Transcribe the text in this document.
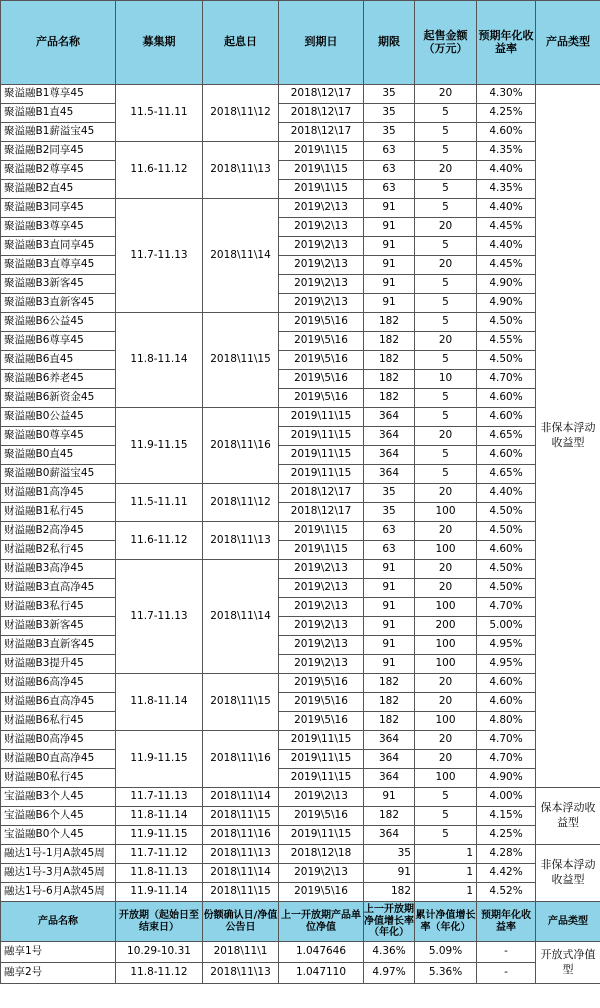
产品名称	募集期	起息日	到期日	期限	起售金额（万元）	预期年化收益率	产品类型
聚溢融B1尊享45	11.5-11.11	2018\11\12	2018\12\17	35	20	4.30%	非保本浮动收益型
聚溢融B1直45			2018\12\17	35	5	4.25%	
聚溢融B1薪溢宝45			2018\12\17	35	5	4.60%	
聚溢融B2同享45	11.6-11.12	2018\11\13	2019\1\15	63	5	4.35%	
聚溢融B2尊享45			2019\1\15	63	20	4.40%	
聚溢融B2直45			2019\1\15	63	5	4.35%	
聚溢融B3同享45	11.7-11.13	2018\11\14	2019\2\13	91	5	4.40%	
聚溢融B3尊享45			2019\2\13	91	20	4.45%	
聚溢融B3直同享45			2019\2\13	91	5	4.40%	
聚溢融B3直尊享45			2019\2\13	91	20	4.45%	
聚溢融B3新客45			2019\2\13	91	5	4.90%	
聚溢融B3直新客45			2019\2\13	91	5	4.90%	
聚溢融B6公益45	11.8-11.14	2018\11\15	2019\5\16	182	5	4.50%	
聚溢融B6尊享45			2019\5\16	182	20	4.55%	
聚溢融B6直45			2019\5\16	182	5	4.50%	
聚溢融B6养老45			2019\5\16	182	10	4.70%	
聚溢融B6新资金45			2019\5\16	182	5	4.60%	
聚溢融B0公益45	11.9-11.15	2018\11\16	2019\11\15	364	5	4.60%	
聚溢融B0尊享45			2019\11\15	364	20	4.65%	
聚溢融B0直45			2019\11\15	364	5	4.60%	
聚溢融B0薪溢宝45			2019\11\15	364	5	4.65%	
财溢融B1高净45	11.5-11.11	2018\11\12	2018\12\17	35	20	4.40%	
财溢融B1私行45			2018\12\17	35	100	4.50%	
财溢融B2高净45	11.6-11.12	2018\11\13	2019\1\15	63	20	4.50%	
财溢融B2私行45			2019\1\15	63	100	4.60%	
财溢融B3高净45	11.7-11.13	2018\11\14	2019\2\13	91	20	4.50%	
财溢融B3直高净45			2019\2\13	91	20	4.50%	
财溢融B3私行45			2019\2\13	91	100	4.70%	
财溢融B3新客45			2019\2\13	91	200	5.00%	
财溢融B3直新客45			2019\2\13	91	100	4.95%	
财溢融B3提升45			2019\2\13	91	100	4.95%	
财溢融B6高净45	11.8-11.14	2018\11\15	2019\5\16	182	20	4.60%	
财溢融B6直高净45			2019\5\16	182	20	4.60%	
财溢融B6私行45			2019\5\16	182	100	4.80%	
财溢融B0高净45	11.9-11.15	2018\11\16	2019\11\15	364	20	4.70%	
财溢融B0直高净45			2019\11\15	364	20	4.70%	
财溢融B0私行45			2019\11\15	364	100	4.90%	
宝溢融B3个人45	11.7-11.13	2018\11\14	2019\2\13	91	5	4.00%	保本浮动收益型
宝溢融B6个人45	11.8-11.14	2018\11\15	2019\5\16	182	5	4.15%	
宝溢融B0个人45	11.9-11.15	2018\11\16	2019\11\15	364	5	4.25%	
融达1号-1月A款45周	11.7-11.12	2018\11\13	2018\12\18	35	1	4.28%	非保本浮动收益型
融达1号-3月A款45周	11.8-11.13	2018\11\14	2019\2\13	91	1	4.42%	
融达1号-6月A款45周	11.9-11.14	2018\11\15	2019\5\16	182	1	4.52%	
产品名称	开放期（起始日至结束日）	份额确认日/净值公告日	上一开放期产品单位净值	上一开放期净值增长率（年化）	累计净值增长率（年化）	预期年化收益率	产品类型
融享1号	10.29-10.31	2018\11\1	1.047646	4.36%	5.09%	-	开放式净值型
融享2号	11.8-11.12	2018\11\13	1.047110	4.97%	5.36%	-	
